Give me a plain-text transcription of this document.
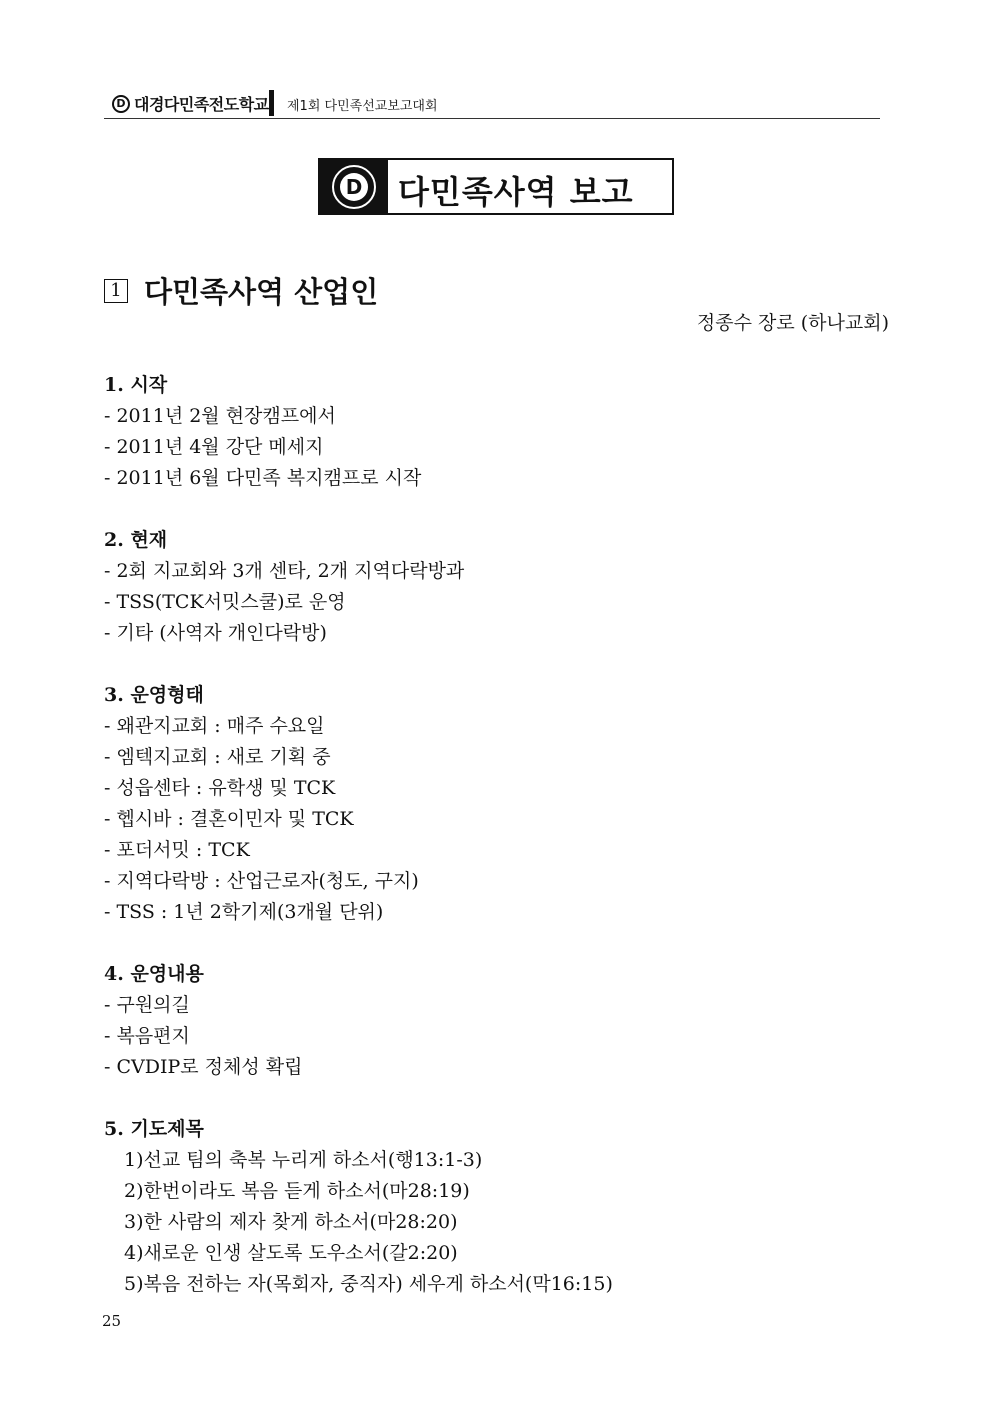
D 대경다민족전도학교 제1회 다민족선교보고대회
D 다민족사역 보고
1 다민족사역 산업인
정종수 장로 (하나교회)
1. 시작
- 2011년 2월 현장캠프에서
- 2011년 4월 강단 메세지
- 2011년 6월 다민족 복지캠프로 시작
2. 현재
- 2회 지교회와 3개 센타, 2개 지역다락방과
- TSS(TCK서밋스쿨)로 운영
- 기타 (사역자 개인다락방)
3. 운영형태
- 왜관지교회 : 매주 수요일
- 엠텍지교회 : 새로 기획 중
- 성읍센타 : 유학생 및 TCK
- 헵시바 : 결혼이민자 및 TCK
- 포더서밋 : TCK
- 지역다락방 : 산업근로자(청도, 구지)
- TSS : 1년 2학기제(3개월 단위)
4. 운영내용
- 구원의길
- 복음편지
- CVDIP로 정체성 확립
5. 기도제목
1)선교 팀의 축복 누리게 하소서(행13:1-3)
2)한번이라도 복음 듣게 하소서(마28:19)
3)한 사람의 제자 찾게 하소서(마28:20)
4)새로운 인생 살도록 도우소서(갈2:20)
5)복음 전하는 자(목회자, 중직자) 세우게 하소서(막16:15)
25
